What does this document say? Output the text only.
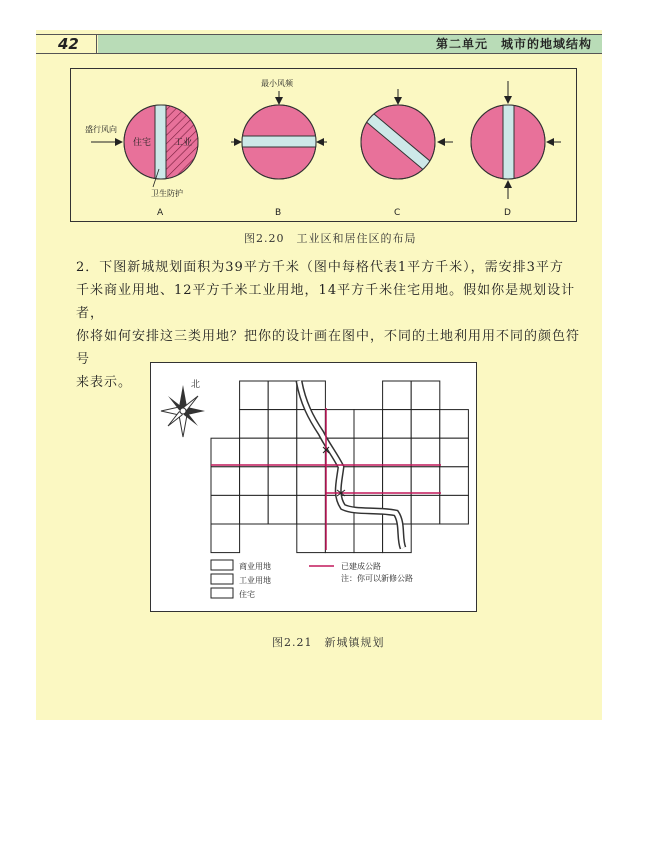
42	第二单元　城市的地域结构
盛行风向
住宅	工业
卫生防护
A
最小风频
B	C	D
图2.20　工业区和居住区的布局

2．下图新城规划面积为39平方千米（图中每格代表1平方千米），需安排3平方

千米商业用地、12平方千米工业用地，14平方千米住宅用地。假如你是规划设计者，

你将如何安排这三类用地？把你的设计画在图中，不同的土地利用用不同的颜色符号

来表示。	北
商业用地
工业用地
住宅
已建成公路
注：你可以新修公路
图2.21　新城镇规划
